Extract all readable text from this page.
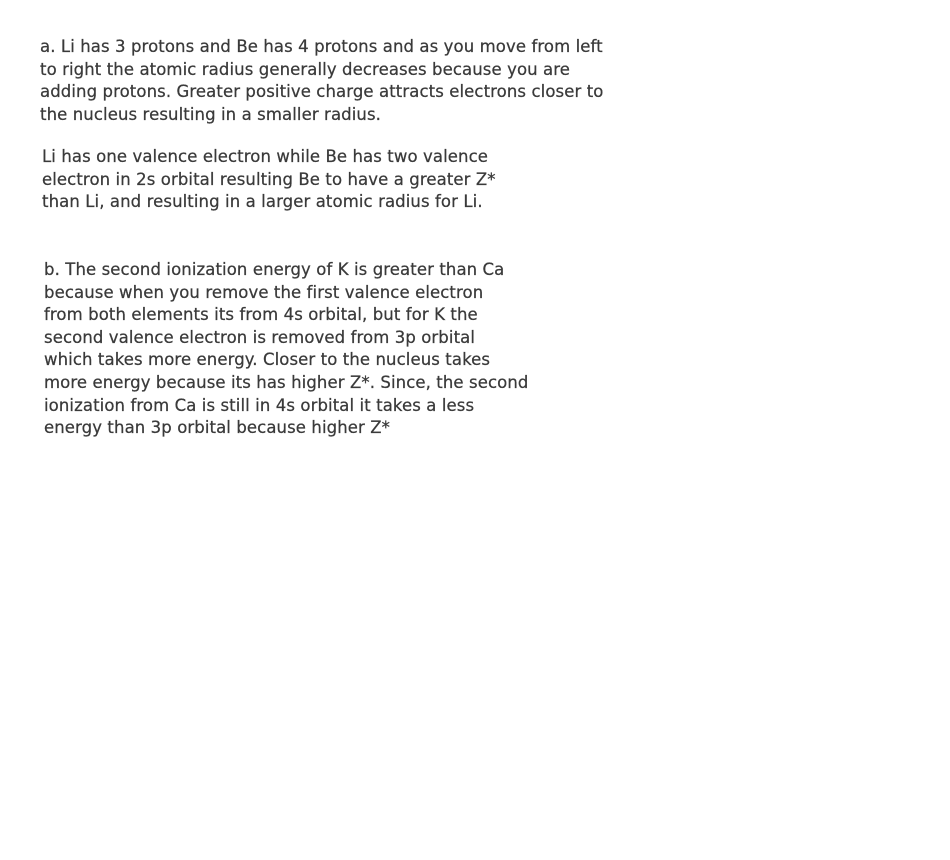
a. Li has 3 protons and Be has 4 protons and as you move from left
to right the atomic radius generally decreases because you are
adding protons. Greater positive charge attracts electrons closer to
the nucleus resulting in a smaller radius.
Li has one valence electron while Be has two valence
electron in 2s orbital resulting Be to have a greater Z*
than Li, and resulting in a larger atomic radius for Li.
b. The second ionization energy of K is greater than Ca
because when you remove the first valence electron
from both elements its from 4s orbital, but for K the
second valence electron is removed from 3p orbital
which takes more energy. Closer to the nucleus takes
more energy because its has higher Z*. Since, the second
ionization from Ca is still in 4s orbital it takes a less
energy than 3p orbital because higher Z*
